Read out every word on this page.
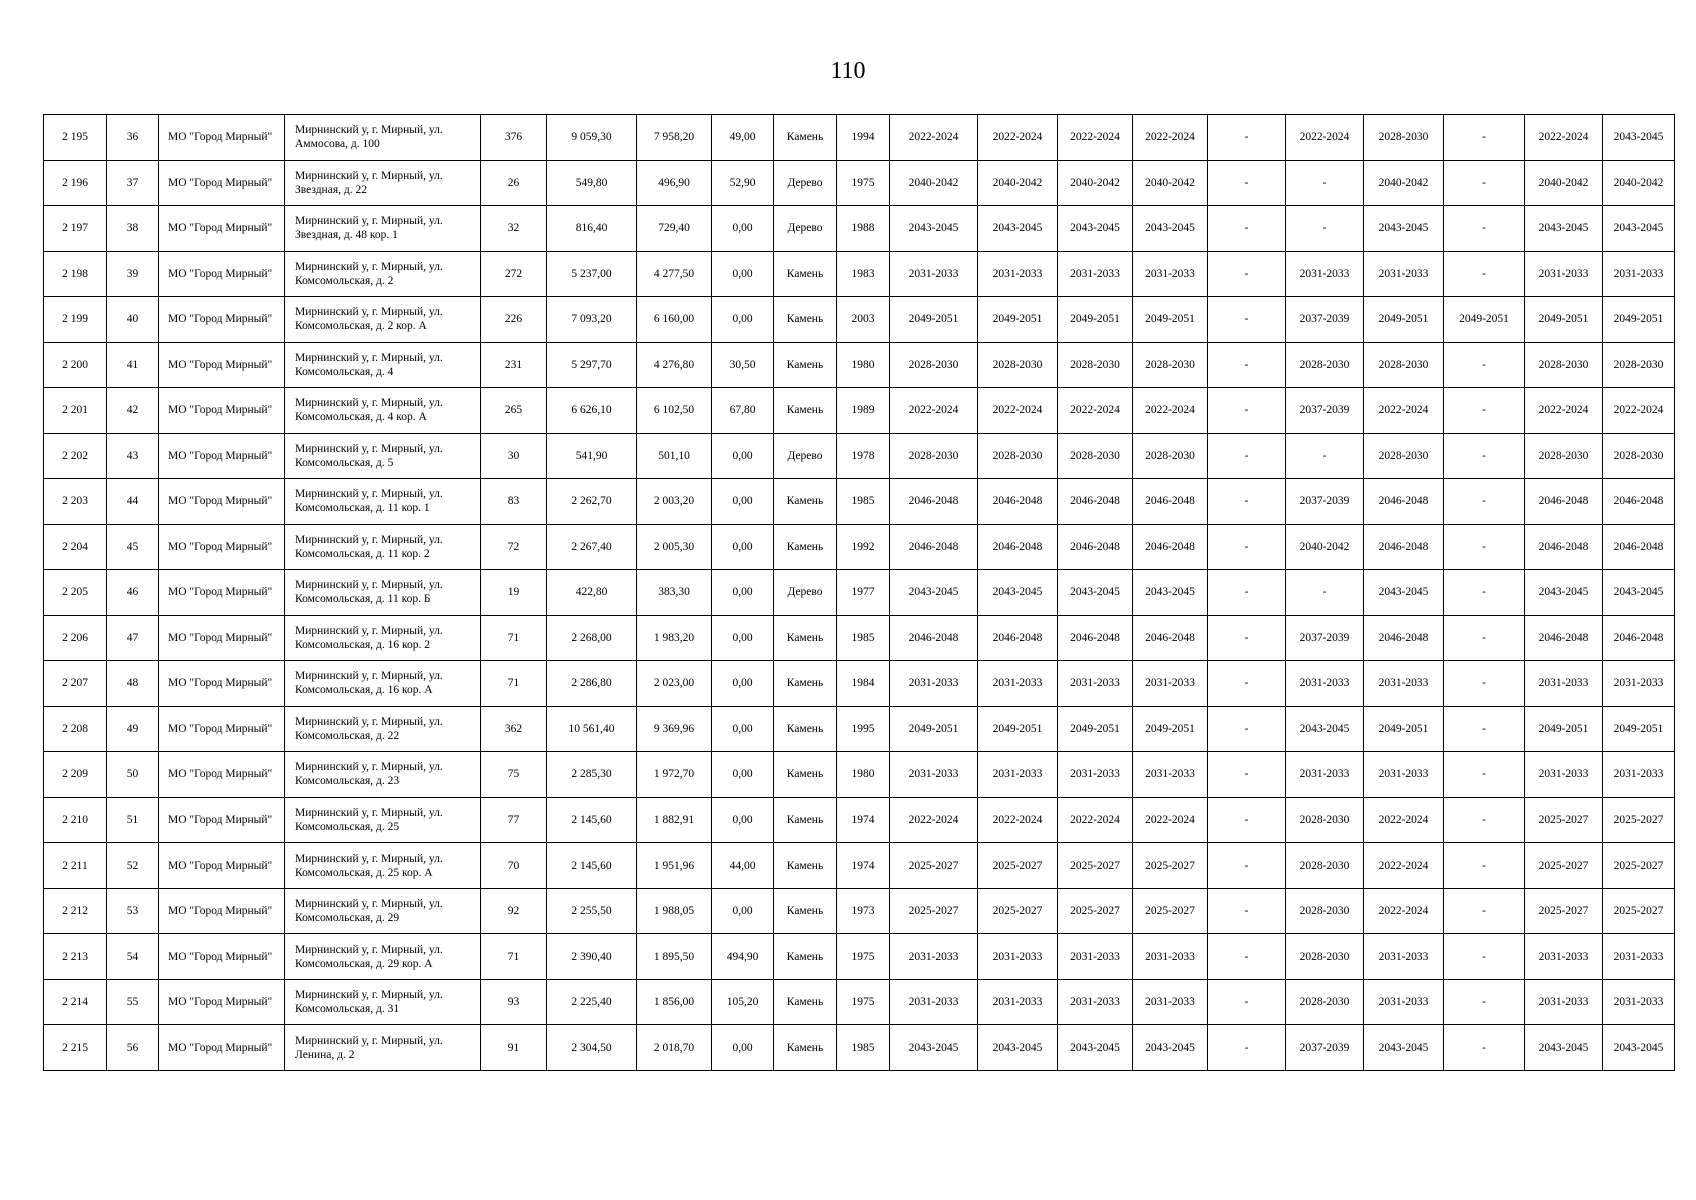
110
2 195	36	МО "Город Мирный"	Мирнинский у, г. Мирный, ул. Аммосова, д. 100	376	9 059,30	7 958,20	49,00	Камень	1994	2022-2024	2022-2024	2022-2024	2022-2024	-	2022-2024	2028-2030	-	2022-2024	2043-2045
2 196	37	МО "Город Мирный"	Мирнинский у, г. Мирный, ул. Звездная, д. 22	26	549,80	496,90	52,90	Дерево	1975	2040-2042	2040-2042	2040-2042	2040-2042	-	-	2040-2042	-	2040-2042	2040-2042
2 197	38	МО "Город Мирный"	Мирнинский у, г. Мирный, ул. Звездная, д. 48 кор. 1	32	816,40	729,40	0,00	Дерево	1988	2043-2045	2043-2045	2043-2045	2043-2045	-	-	2043-2045	-	2043-2045	2043-2045
2 198	39	МО "Город Мирный"	Мирнинский у, г. Мирный, ул. Комсомольская, д. 2	272	5 237,00	4 277,50	0,00	Камень	1983	2031-2033	2031-2033	2031-2033	2031-2033	-	2031-2033	2031-2033	-	2031-2033	2031-2033
2 199	40	МО "Город Мирный"	Мирнинский у, г. Мирный, ул. Комсомольская, д. 2 кор. А	226	7 093,20	6 160,00	0,00	Камень	2003	2049-2051	2049-2051	2049-2051	2049-2051	-	2037-2039	2049-2051	2049-2051	2049-2051	2049-2051
2 200	41	МО "Город Мирный"	Мирнинский у, г. Мирный, ул. Комсомольская, д. 4	231	5 297,70	4 276,80	30,50	Камень	1980	2028-2030	2028-2030	2028-2030	2028-2030	-	2028-2030	2028-2030	-	2028-2030	2028-2030
2 201	42	МО "Город Мирный"	Мирнинский у, г. Мирный, ул. Комсомольская, д. 4 кор. А	265	6 626,10	6 102,50	67,80	Камень	1989	2022-2024	2022-2024	2022-2024	2022-2024	-	2037-2039	2022-2024	-	2022-2024	2022-2024
2 202	43	МО "Город Мирный"	Мирнинский у, г. Мирный, ул. Комсомольская, д. 5	30	541,90	501,10	0,00	Дерево	1978	2028-2030	2028-2030	2028-2030	2028-2030	-	-	2028-2030	-	2028-2030	2028-2030
2 203	44	МО "Город Мирный"	Мирнинский у, г. Мирный, ул. Комсомольская, д. 11 кор. 1	83	2 262,70	2 003,20	0,00	Камень	1985	2046-2048	2046-2048	2046-2048	2046-2048	-	2037-2039	2046-2048	-	2046-2048	2046-2048
2 204	45	МО "Город Мирный"	Мирнинский у, г. Мирный, ул. Комсомольская, д. 11 кор. 2	72	2 267,40	2 005,30	0,00	Камень	1992	2046-2048	2046-2048	2046-2048	2046-2048	-	2040-2042	2046-2048	-	2046-2048	2046-2048
2 205	46	МО "Город Мирный"	Мирнинский у, г. Мирный, ул. Комсомольская, д. 11 кор. Б	19	422,80	383,30	0,00	Дерево	1977	2043-2045	2043-2045	2043-2045	2043-2045	-	-	2043-2045	-	2043-2045	2043-2045
2 206	47	МО "Город Мирный"	Мирнинский у, г. Мирный, ул. Комсомольская, д. 16 кор. 2	71	2 268,00	1 983,20	0,00	Камень	1985	2046-2048	2046-2048	2046-2048	2046-2048	-	2037-2039	2046-2048	-	2046-2048	2046-2048
2 207	48	МО "Город Мирный"	Мирнинский у, г. Мирный, ул. Комсомольская, д. 16 кор. А	71	2 286,80	2 023,00	0,00	Камень	1984	2031-2033	2031-2033	2031-2033	2031-2033	-	2031-2033	2031-2033	-	2031-2033	2031-2033
2 208	49	МО "Город Мирный"	Мирнинский у, г. Мирный, ул. Комсомольская, д. 22	362	10 561,40	9 369,96	0,00	Камень	1995	2049-2051	2049-2051	2049-2051	2049-2051	-	2043-2045	2049-2051	-	2049-2051	2049-2051
2 209	50	МО "Город Мирный"	Мирнинский у, г. Мирный, ул. Комсомольская, д. 23	75	2 285,30	1 972,70	0,00	Камень	1980	2031-2033	2031-2033	2031-2033	2031-2033	-	2031-2033	2031-2033	-	2031-2033	2031-2033
2 210	51	МО "Город Мирный"	Мирнинский у, г. Мирный, ул. Комсомольская, д. 25	77	2 145,60	1 882,91	0,00	Камень	1974	2022-2024	2022-2024	2022-2024	2022-2024	-	2028-2030	2022-2024	-	2025-2027	2025-2027
2 211	52	МО "Город Мирный"	Мирнинский у, г. Мирный, ул. Комсомольская, д. 25 кор. А	70	2 145,60	1 951,96	44,00	Камень	1974	2025-2027	2025-2027	2025-2027	2025-2027	-	2028-2030	2022-2024	-	2025-2027	2025-2027
2 212	53	МО "Город Мирный"	Мирнинский у, г. Мирный, ул. Комсомольская, д. 29	92	2 255,50	1 988,05	0,00	Камень	1973	2025-2027	2025-2027	2025-2027	2025-2027	-	2028-2030	2022-2024	-	2025-2027	2025-2027
2 213	54	МО "Город Мирный"	Мирнинский у, г. Мирный, ул. Комсомольская, д. 29 кор. А	71	2 390,40	1 895,50	494,90	Камень	1975	2031-2033	2031-2033	2031-2033	2031-2033	-	2028-2030	2031-2033	-	2031-2033	2031-2033
2 214	55	МО "Город Мирный"	Мирнинский у, г. Мирный, ул. Комсомольская, д. 31	93	2 225,40	1 856,00	105,20	Камень	1975	2031-2033	2031-2033	2031-2033	2031-2033	-	2028-2030	2031-2033	-	2031-2033	2031-2033
2 215	56	МО "Город Мирный"	Мирнинский у, г. Мирный, ул. Ленина, д. 2	91	2 304,50	2 018,70	0,00	Камень	1985	2043-2045	2043-2045	2043-2045	2043-2045	-	2037-2039	2043-2045	-	2043-2045	2043-2045
